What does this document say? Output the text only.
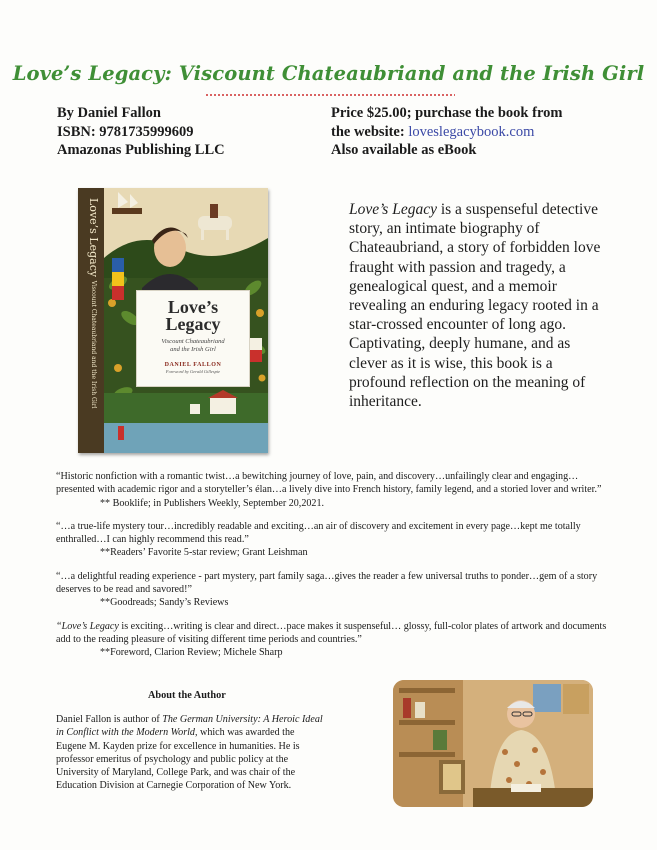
Love’s Legacy: Viscount Chateaubriand and the Irish Girl
By Daniel Fallon
ISBN: 9781735999609
Amazonas Publishing LLC
Price $25.00; purchase the book from
the website: loveslegacybook.com
Also available as eBook
Love’s Legacy Viscount Chateaubriand and the Irish Girl	Love’s
Legacy
Viscount Chateaubriand
and the Irish Girl
DANIEL FALLON
Foreword by Gerald Gillespie
Love’s Legacy is a suspenseful detective story, an intimate biography of Chateaubriand, a story of forbidden love fraught with passion and tragedy, a genealogical quest, and a memoir revealing an enduring legacy rooted in a star-crossed encounter of long ago. Captivating, deeply humane, and as clever as it is wise, this book is a profound reflection on the meaning of inheritance.
“Historic nonfiction with a romantic twist…a bewitching journey of love, pain, and discovery…unfailingly clear and engaging…presented with academic rigor and a storyteller’s élan…a lively dive into French history, family legend, and a storied lover and writer.”
** Booklife; in Publishers Weekly, September 20,2021.
“…a true-life mystery tour…incredibly readable and exciting…an air of discovery and excitement in every page…kept me totally enthralled…I can highly recommend this read.”
**Readers’ Favorite 5-star review; Grant Leishman
“…a delightful reading experience - part mystery, part family saga…gives the reader a few universal truths to ponder…gem of a story deserves to be read and savored!”
**Goodreads; Sandy’s Reviews
“Love’s Legacy is exciting…writing is clear and direct…pace makes it suspenseful… glossy, full-color plates of artwork and documents add to the reading pleasure of visiting different time periods and countries.”
**Foreword, Clarion Review; Michele Sharp
About the Author
Daniel Fallon is author of The German University: A Heroic Ideal in Conflict with the Modern World, which was awarded the Eugene M. Kayden prize for excellence in humanities. He is professor emeritus of psychology and public policy at the University of Maryland, College Park, and was chair of the Education Division at Carnegie Corporation of New York.
